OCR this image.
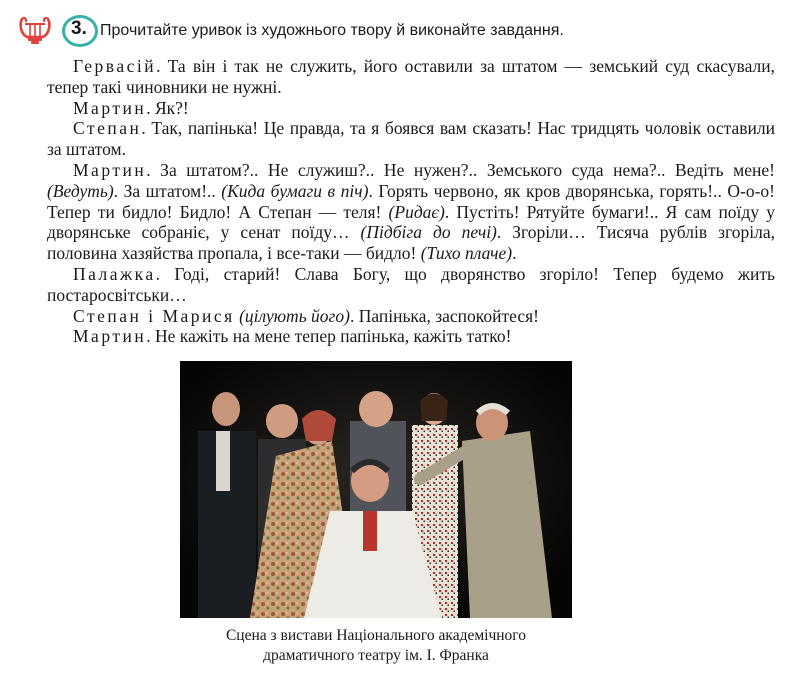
3. Прочитайте уривок із художнього твору й виконайте завдання.

Гервасій. Та він і так не служить, його оставили за штатом — земський суд скасували, тепер такі чиновники не нужні.

Мартин. Як?!

Степан. Так, папінька! Це правда, та я боявся вам сказать! Нас тридцять чоловік оставили за штатом.

Мартин. За штатом?.. Не служиш?.. Не нужен?.. Земського суда нема?.. Ведіть мене! (Ведуть). За штатом!.. (Кида бумаги в піч). Горять червоно, як кров дворянська, горять!.. О-о-о! Тепер ти бидло! Бидло! А Степан — теля! (Ридає). Пустіть! Рятуйте бумаги!.. Я сам поїду у дворянське собраніє, у сенат поїду… (Підбіга до печі). Згоріли… Тисяча рублів згоріла, половина хазяйства пропала, і все-таки — бидло! (Тихо плаче).

Палажка. Годі, старий! Слава Богу, що дворянство згоріло! Тепер будемо жить постаросвітськи…

Степан і Марися (цілують його). Папінька, заспокойтеся!

Мартин. Не кажіть на мене тепер папінька, кажіть татко!

Сцена з вистави Національного академічного
драматичного театру ім. І. Франка
